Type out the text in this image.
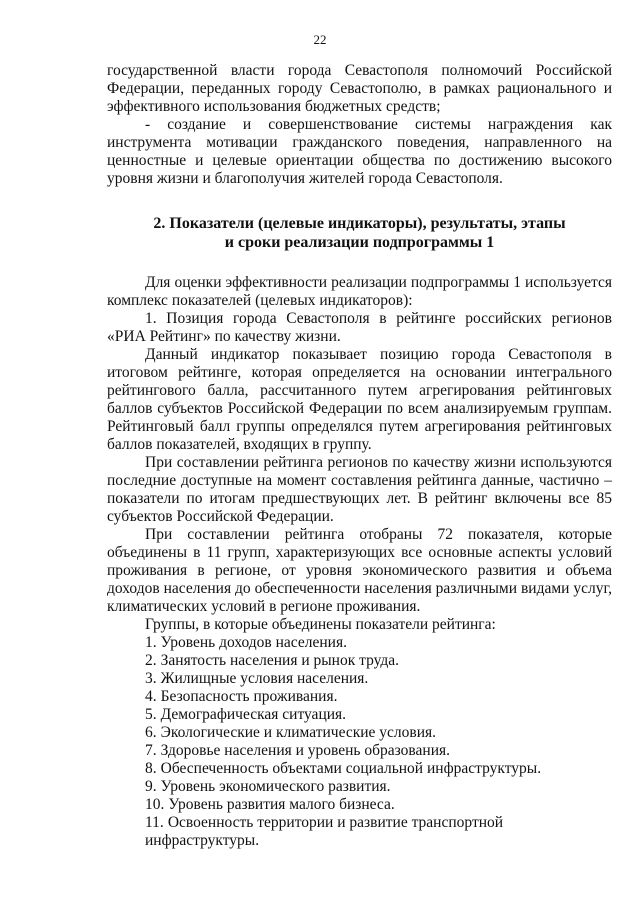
22

государственной власти города Севастополя полномочий Российской Федерации, переданных городу Севастополю, в рамках рационального и эффективного использования бюджетных средств;

- создание и совершенствование системы награждения как инструмента мотивации гражданского поведения, направленного на ценностные и целевые ориентации общества по достижению высокого уровня жизни и благополучия жителей города Севастополя.

2. Показатели (целевые индикаторы), результаты, этапы
и сроки реализации подпрограммы 1

Для оценки эффективности реализации подпрограммы 1 используется комплекс показателей (целевых индикаторов):

1. Позиция города Севастополя в рейтинге российских регионов «РИА Рейтинг» по качеству жизни.

Данный индикатор показывает позицию города Севастополя в итоговом рейтинге, которая определяется на основании интегрального рейтингового балла, рассчитанного путем агрегирования рейтинговых баллов субъектов Российской Федерации по всем анализируемым группам. Рейтинговый балл группы определялся путем агрегирования рейтинговых баллов показателей, входящих в группу.

При составлении рейтинга регионов по качеству жизни используются последние доступные на момент составления рейтинга данные, частично – показатели по итогам предшествующих лет. В рейтинг включены все 85 субъектов Российской Федерации.

При составлении рейтинга отобраны 72 показателя, которые объединены в 11 групп, характеризующих все основные аспекты условий проживания в регионе, от уровня экономического развития и объема доходов населения до обеспеченности населения различными видами услуг, климатических условий в регионе проживания.

Группы, в которые объединены показатели рейтинга:

1. Уровень доходов населения.
2. Занятость населения и рынок труда.
3. Жилищные условия населения.
4. Безопасность проживания.
5. Демографическая ситуация.
6. Экологические и климатические условия.
7. Здоровье населения и уровень образования.
8. Обеспеченность объектами социальной инфраструктуры.
9. Уровень экономического развития.
10. Уровень развития малого бизнеса.
11. Освоенность территории и развитие транспортной инфраструктуры.
